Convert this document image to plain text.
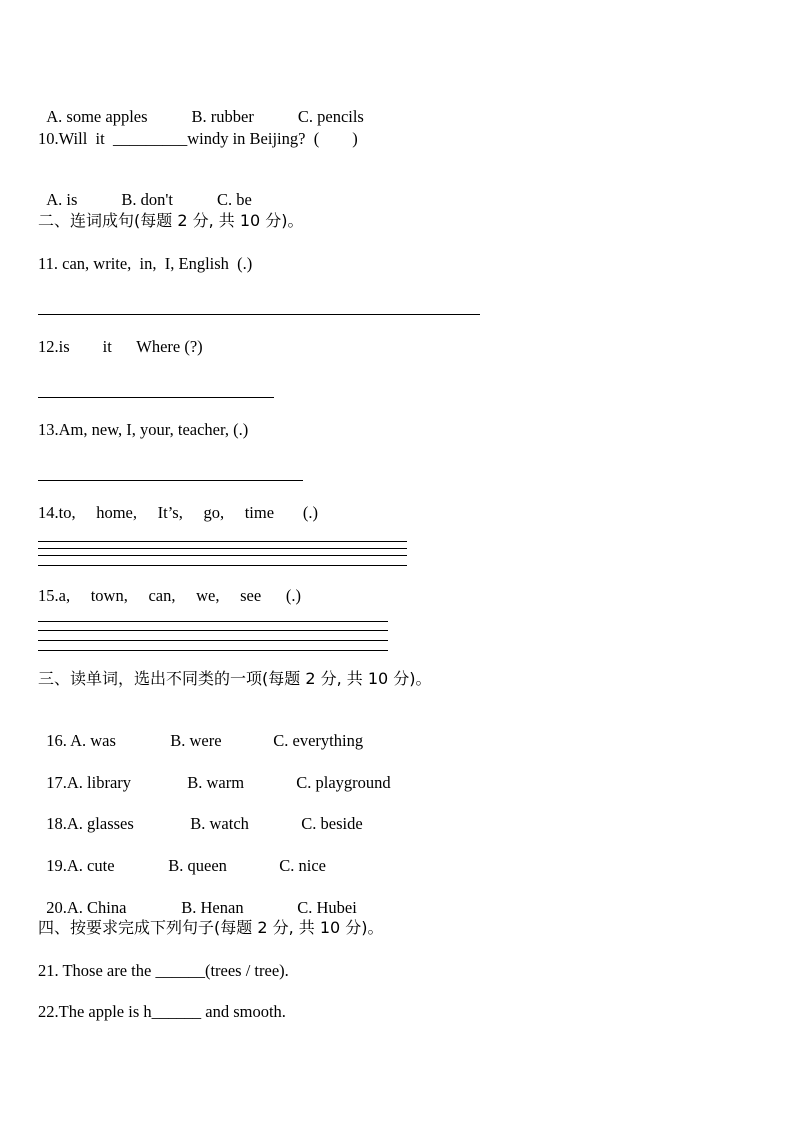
A. some apples	B. rubber	C. pencils

10.Will  it  _________windy in Beijing?  (        )

A. is	B. don't	C. be

二、连词成句(每题 2 分, 共 10 分)。
11. can, write,  in,  I, English  (.)
12.is        it      Where (?)
13.Am, new, I, your, teacher, (.)
14.to,     home,     It’s,     go,     time       (.)
15.a,     town,     can,     we,     see      (.)
三、读单词，选出不同类的一项(每题 2 分, 共 10 分)。

16. A. was	B. were	C. everything

17.A. library	B. warm	C. playground

18.A. glasses	B. watch	C. beside

19.A. cute	B. queen	C. nice

20.A. China	B. Henan	C. Hubei

四、按要求完成下列句子(每题 2 分, 共 10 分)。
21. Those are the ______(trees / tree).
22.The apple is h______ and smooth.
